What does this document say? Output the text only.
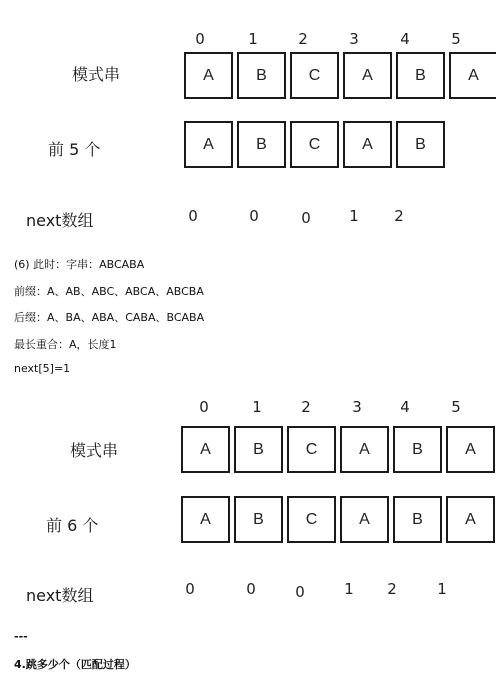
0	1	2	3	4	5
模式串	A	B	C	A	B	A
前 5 个	A	B	C	A	B
next数组	0	0	0	1	2
(6) 此时：字串：ABCABA
前缀：A、AB、ABC、ABCA、ABCBA
后缀：A、BA、ABA、CABA、BCABA
最长重合：A，长度1
next[5]=1
0	1	2	3	4	5
模式串	A	B	C	A	B	A
前 6 个	A	B	C	A	B	A
next数组	0	0	0	1	2	1
---
4.跳多少个（匹配过程）
